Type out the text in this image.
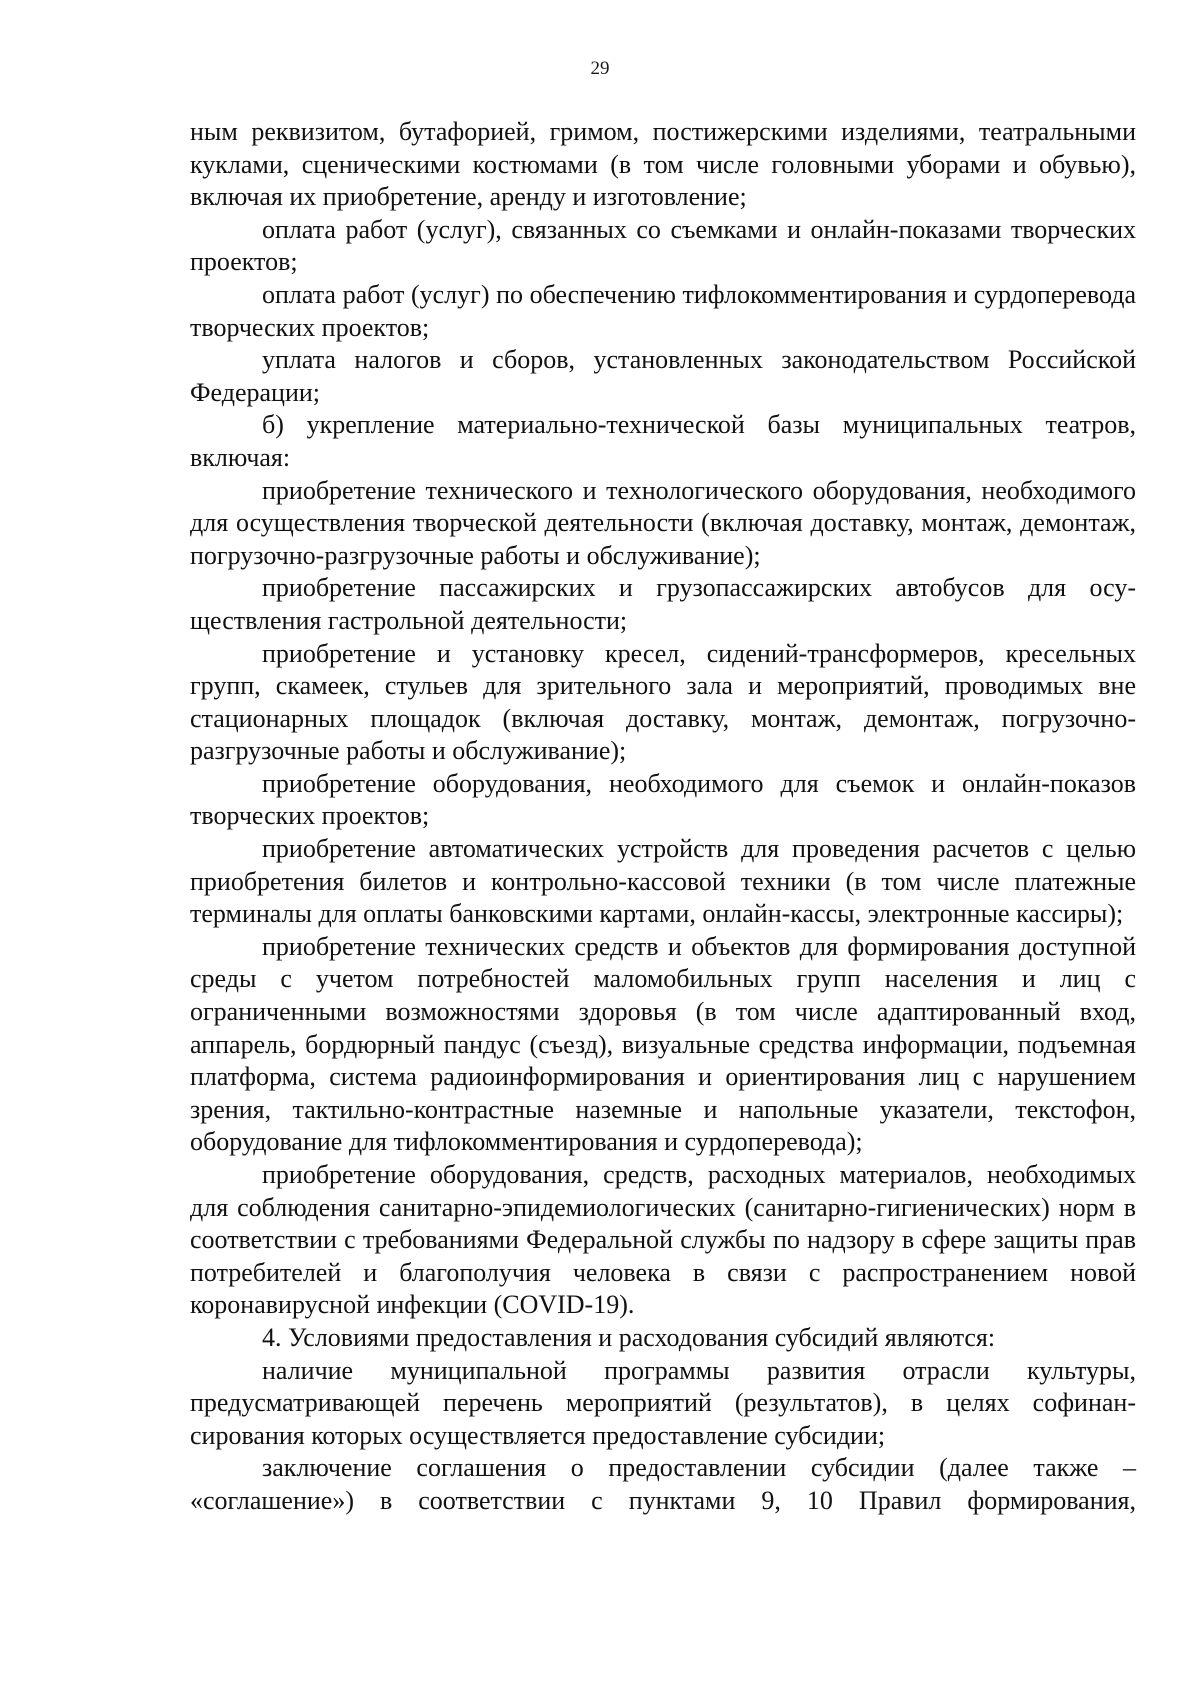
29

ным реквизитом, бутафорией, гримом, постижерскими изделиями, театральными куклами, сценическими костюмами (в том числе головными уборами и обувью), включая их приобретение, аренду и изготовление;

оплата работ (услуг), связанных со съемками и онлайн-показами творческих проектов;

оплата работ (услуг) по обеспечению тифлокомментирования и сурдоперевода творческих проектов;

уплата налогов и сборов, установленных законодательством Российской Федерации;

б) укрепление материально-технической базы муниципальных театров, включая:

приобретение технического и технологического оборудования, необходимого для осуществления творческой деятельности (включая доставку, монтаж, демонтаж, погрузочно-разгрузочные работы и обслуживание);

приобретение пассажирских и грузопассажирских автобусов для осуществления гастрольной деятельности;

приобретение и установку кресел, сидений-трансформеров, кресельных групп, скамеек, стульев для зрительного зала и мероприятий, проводимых вне стационарных площадок (включая доставку, монтаж, демонтаж, погрузочно-разгрузочные работы и обслуживание);

приобретение оборудования, необходимого для съемок и онлайн-показов творческих проектов;

приобретение автоматических устройств для проведения расчетов с целью приобретения билетов и контрольно-кассовой техники (в том числе платежные терминалы для оплаты банковскими картами, онлайн-кассы, электронные кассиры);

приобретение технических средств и объектов для формирования доступной среды с учетом потребностей маломобильных групп населения и лиц с ограниченными возможностями здоровья (в том числе адаптированный вход, аппарель, бордюрный пандус (съезд), визуальные средства информации, подъемная платформа, система радиоинформирования и ориентирования лиц с нарушением зрения, тактильно-контрастные наземные и напольные указатели, текстофон, оборудование для тифлокомментирования и сурдоперевода);

приобретение оборудования, средств, расходных материалов, необходимых для соблюдения санитарно-эпидемиологических (санитарно-гигиенических) норм в соответствии с требованиями Федеральной службы по надзору в сфере защиты прав потребителей и благополучия человека в связи с распространением новой коронавирусной инфекции (COVID-19).

4. Условиями предоставления и расходования субсидий являются:

наличие муниципальной программы развития отрасли культуры, предусматривающей перечень мероприятий (результатов), в целях софинансирования которых осуществляется предоставление субсидии;

заключение соглашения о предоставлении субсидии (далее также – «соглашение») в соответствии с пунктами 9, 10 Правил формирования,
